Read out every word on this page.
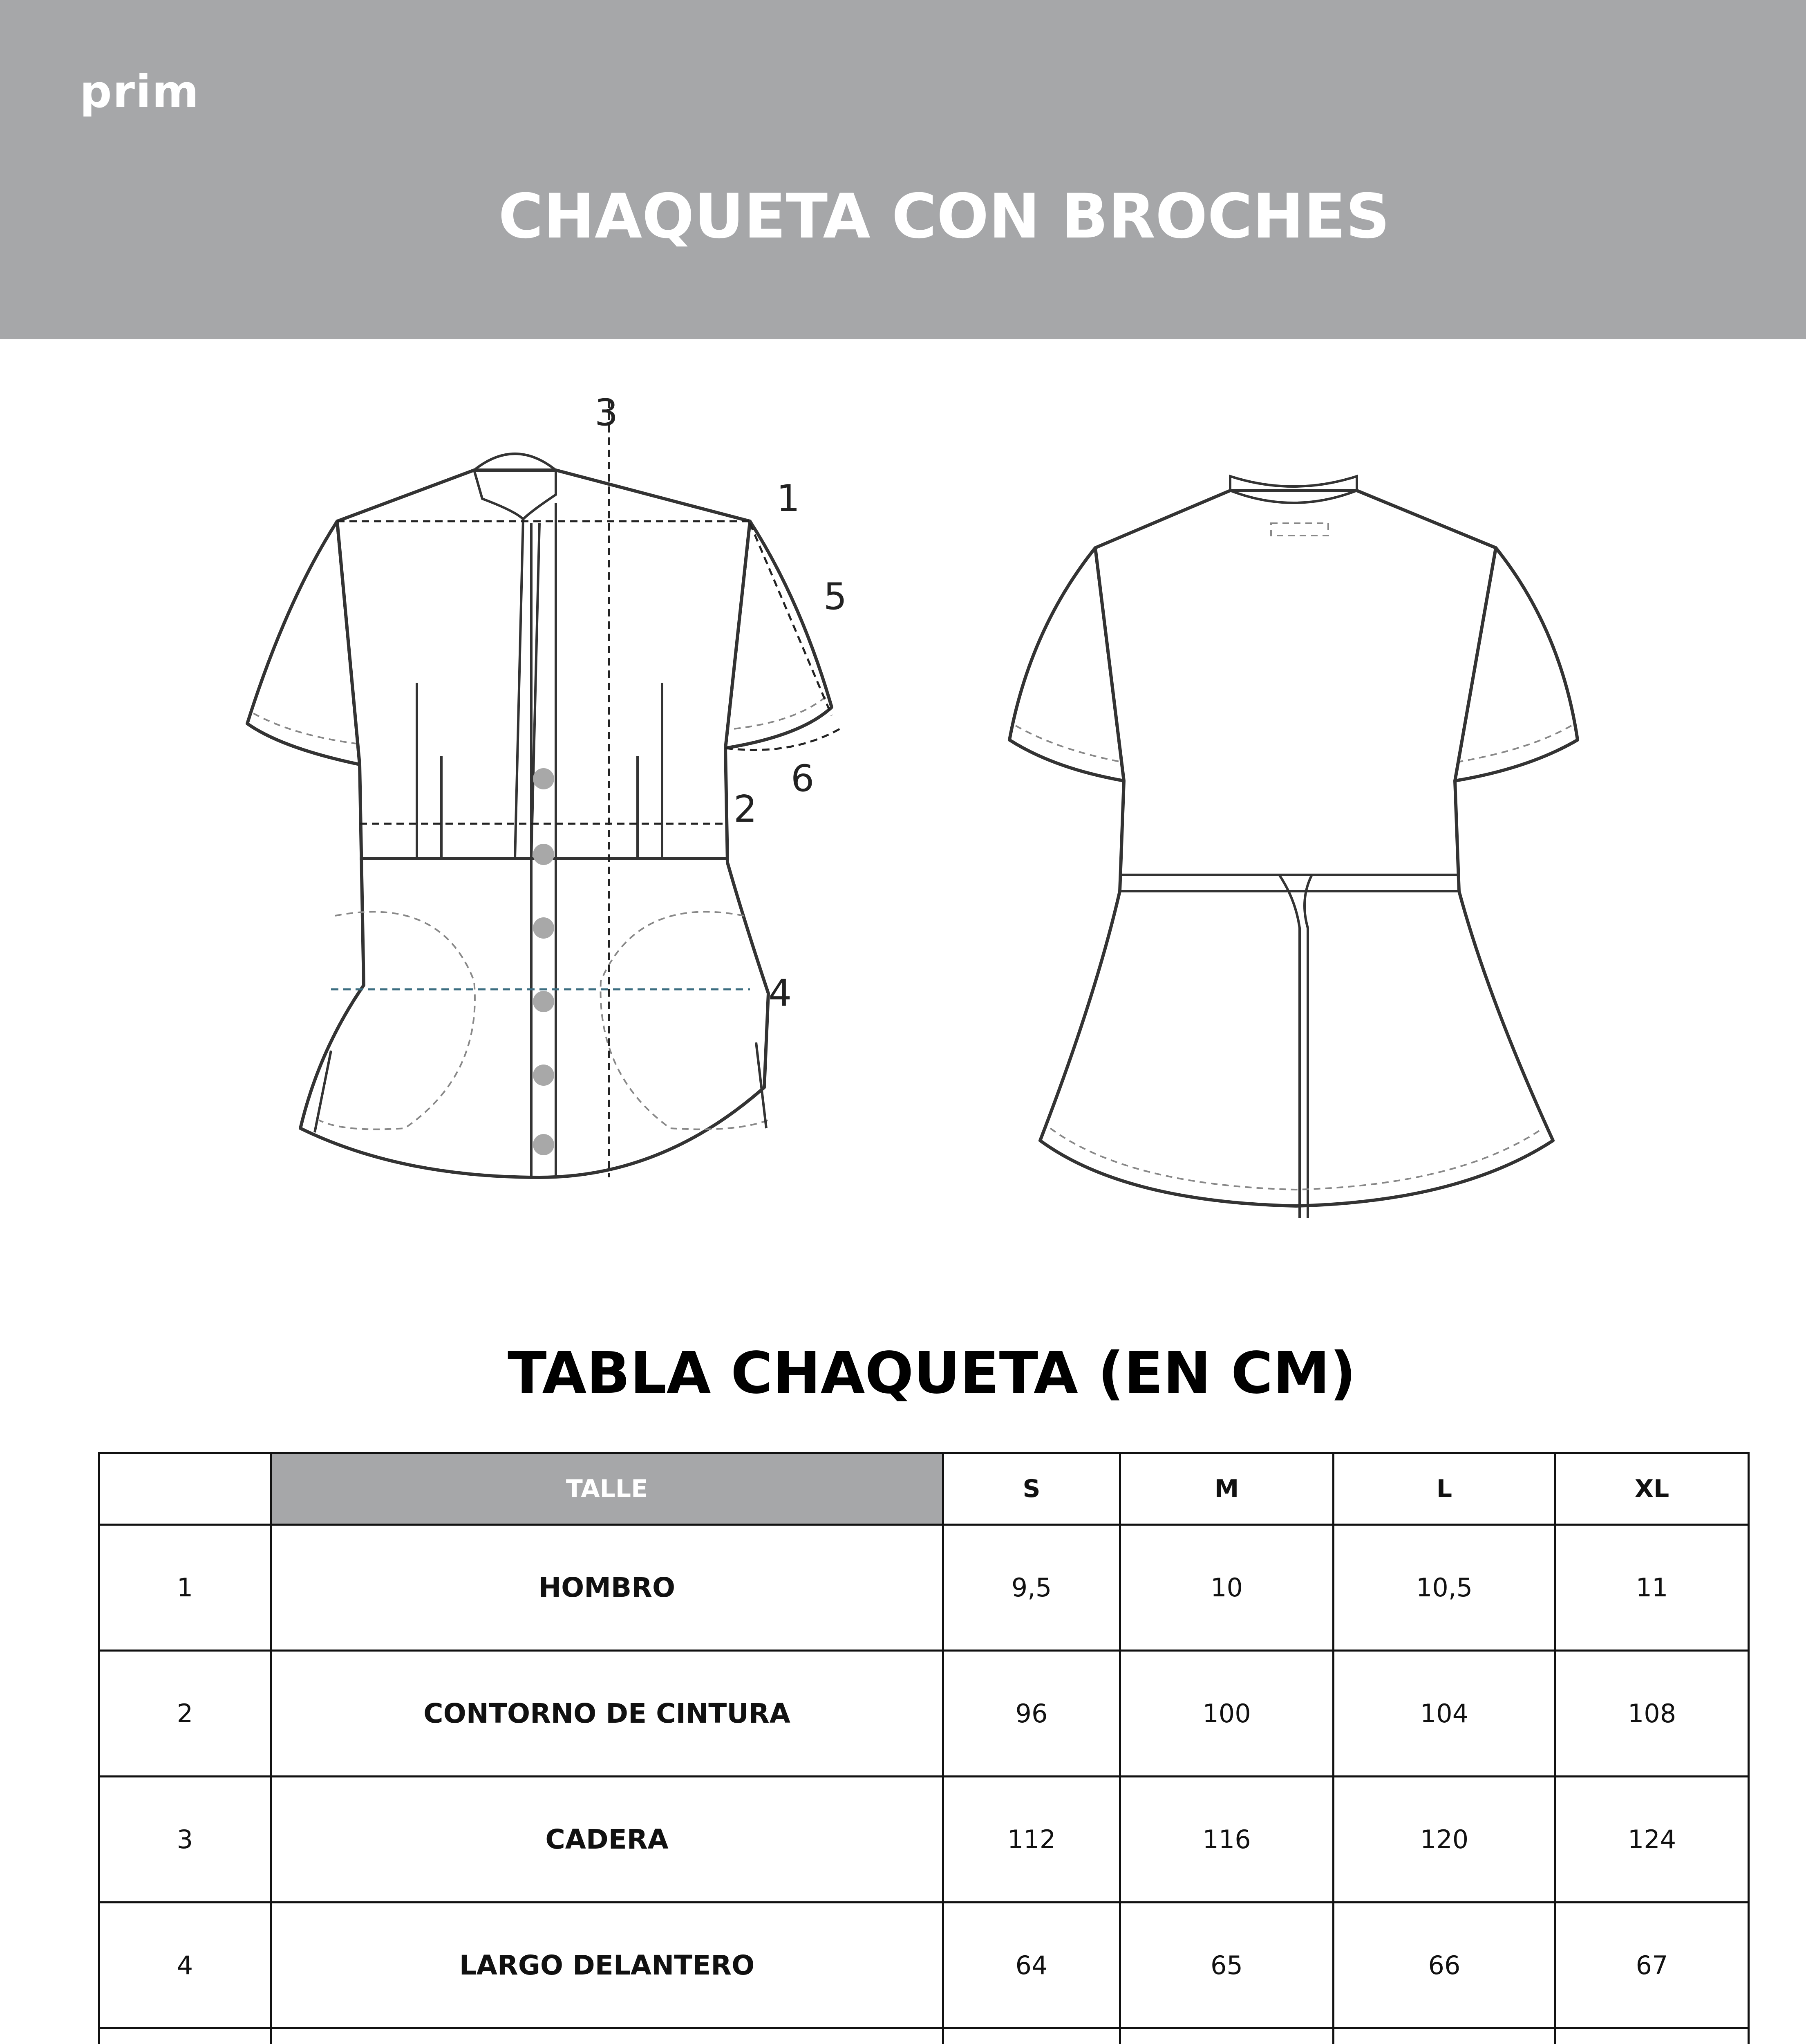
prim
CHAQUETA CON BROCHES
1
2
3
4
5
6
TABLA CHAQUETA (EN CM)
	TALLE	S	M	L	XL
1	HOMBRO	9,5	10	10,5	11
2	CONTORNO DE CINTURA	96	100	104	108
3	CADERA	112	116	120	124
4	LARGO DELANTERO	64	65	66	67
